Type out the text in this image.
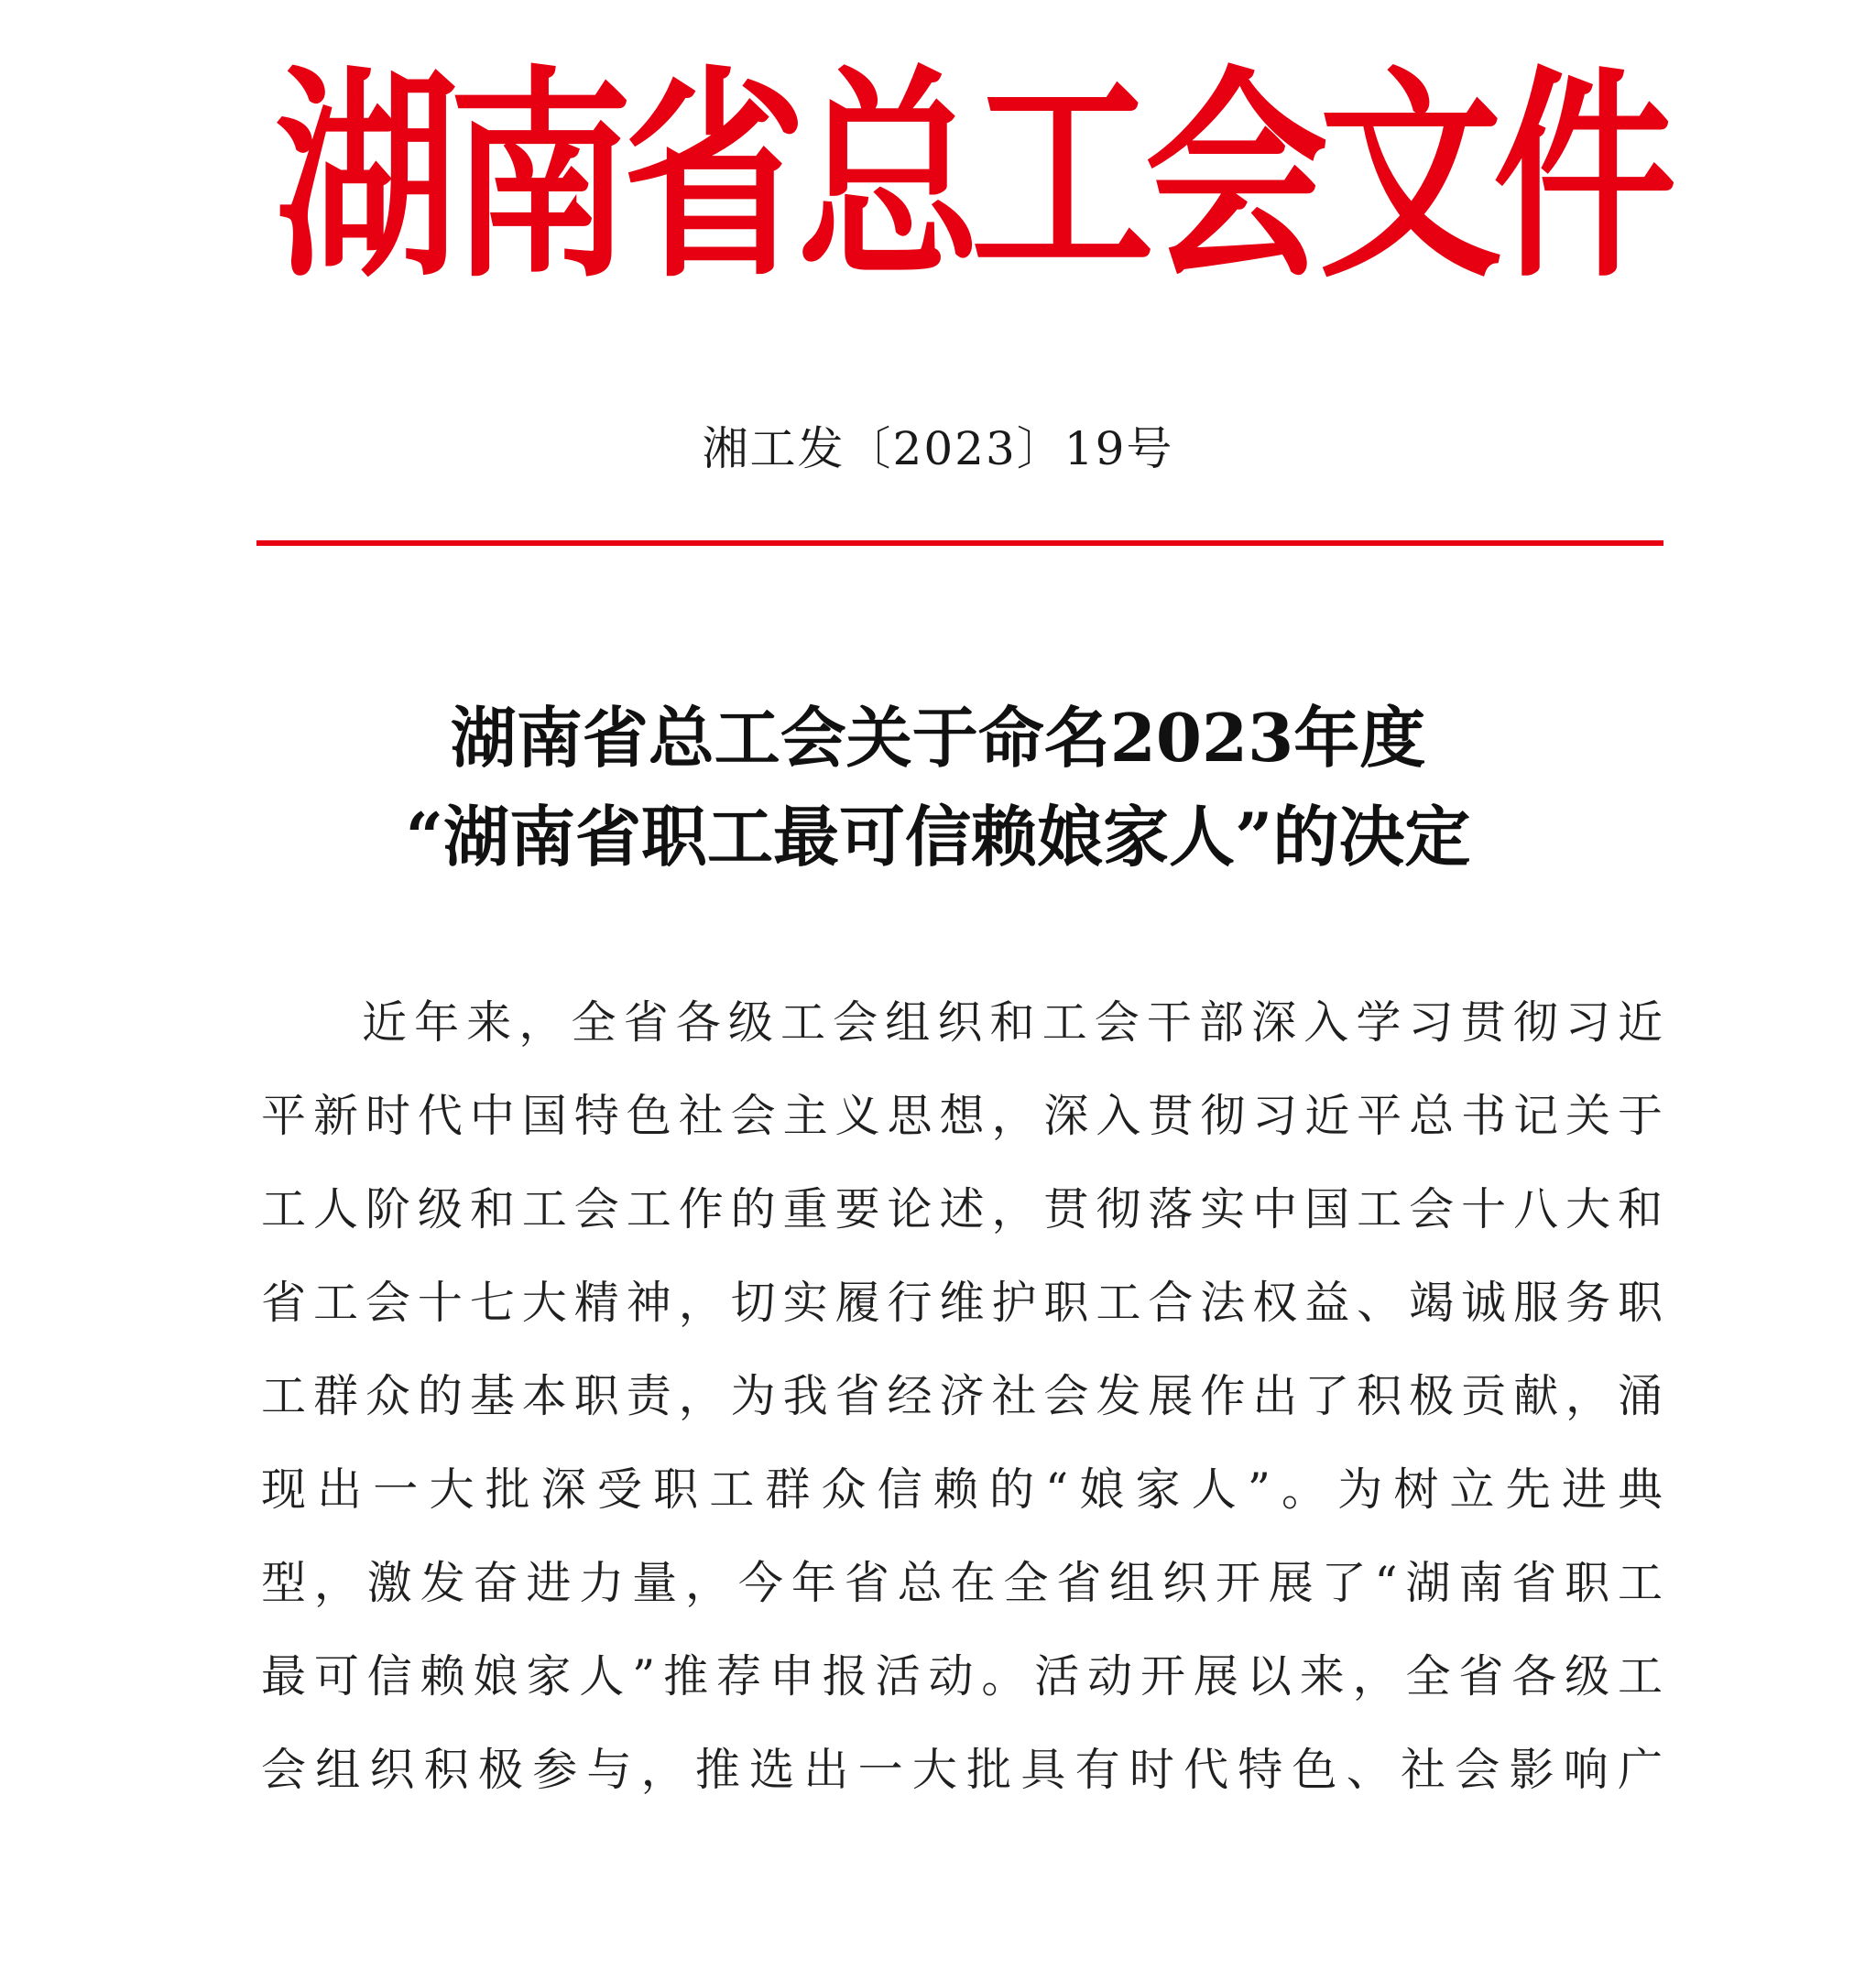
湖
南
省
总
工
会
文
件
湘工发〔2023〕19号
湖南省总工会关于命名2023年度
“湖南省职工最可信赖娘家人”的决定
近年来，全省各级工会组织和工会干部深入学习贯彻习近
平新时代中国特色社会主义思想，深入贯彻习近平总书记关于
工人阶级和工会工作的重要论述，贯彻落实中国工会十八大和
省工会十七大精神，切实履行维护职工合法权益、竭诚服务职
工群众的基本职责，为我省经济社会发展作出了积极贡献，涌
现出一大批深受职工群众信赖的“娘家人”。为树立先进典
型，激发奋进力量，今年省总在全省组织开展了“湖南省职工
最可信赖娘家人”推荐申报活动。活动开展以来，全省各级工
会组织积极参与，推选出一大批具有时代特色、社会影响广
